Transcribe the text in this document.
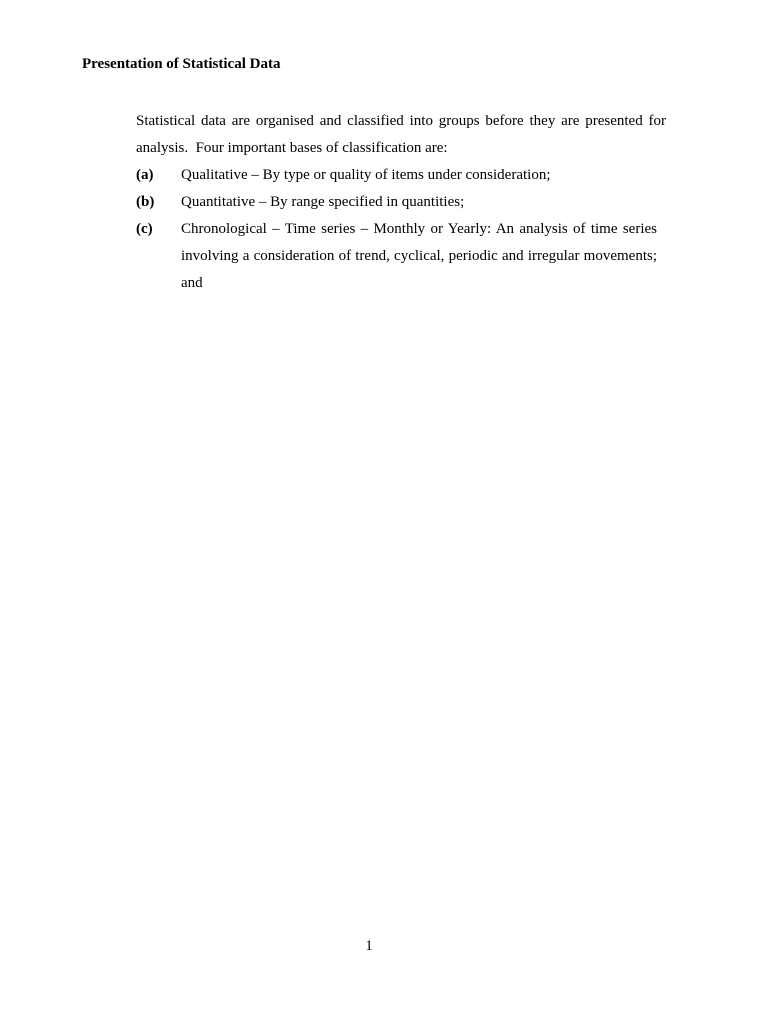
Presentation of Statistical Data

Statistical data are organised and classified into groups before they are presented for analysis.  Four important bases of classification are:

(a)	Qualitative – By type or quality of items under consideration;
(b)	Quantitative – By range specified in quantities;
(c)	Chronological – Time series – Monthly or Yearly: An analysis of time series involving a consideration of trend, cyclical, periodic and irregular movements; and
1
